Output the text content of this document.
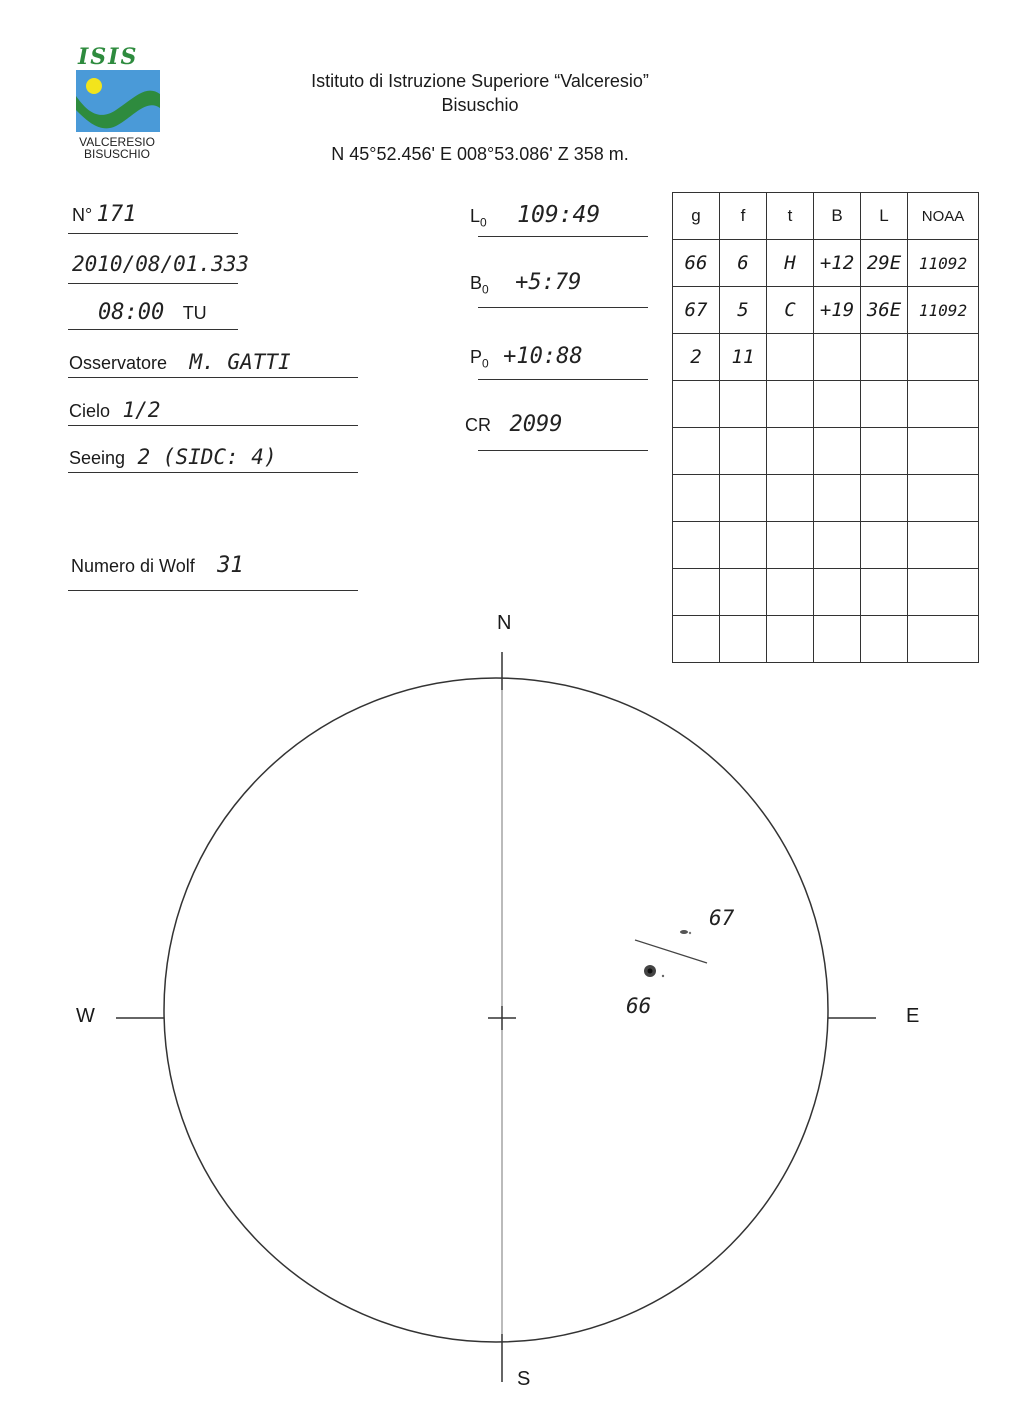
ISIS
VALCERESIO
BISUSCHIO
Istituto di Istruzione Superiore “Valceresio”
Bisuschio
N 45°52.456' E 008°53.086' Z 358 m.
N° 171
2010/08/01.333
08:00 TU
Osservatore M. GATTI
Cielo 1/2
Seeing 2 (SIDC: 4)
Numero di Wolf 31
$L_0$ 109:49
$B_0$ +5:79
$P_0$ +10:88
CR 2099
g	f	t	B	L	NOAA
66	6	H	+12	29E	11092
67	5	C	+19	36E	11092
2	11				

N
S
W	E
67
66
